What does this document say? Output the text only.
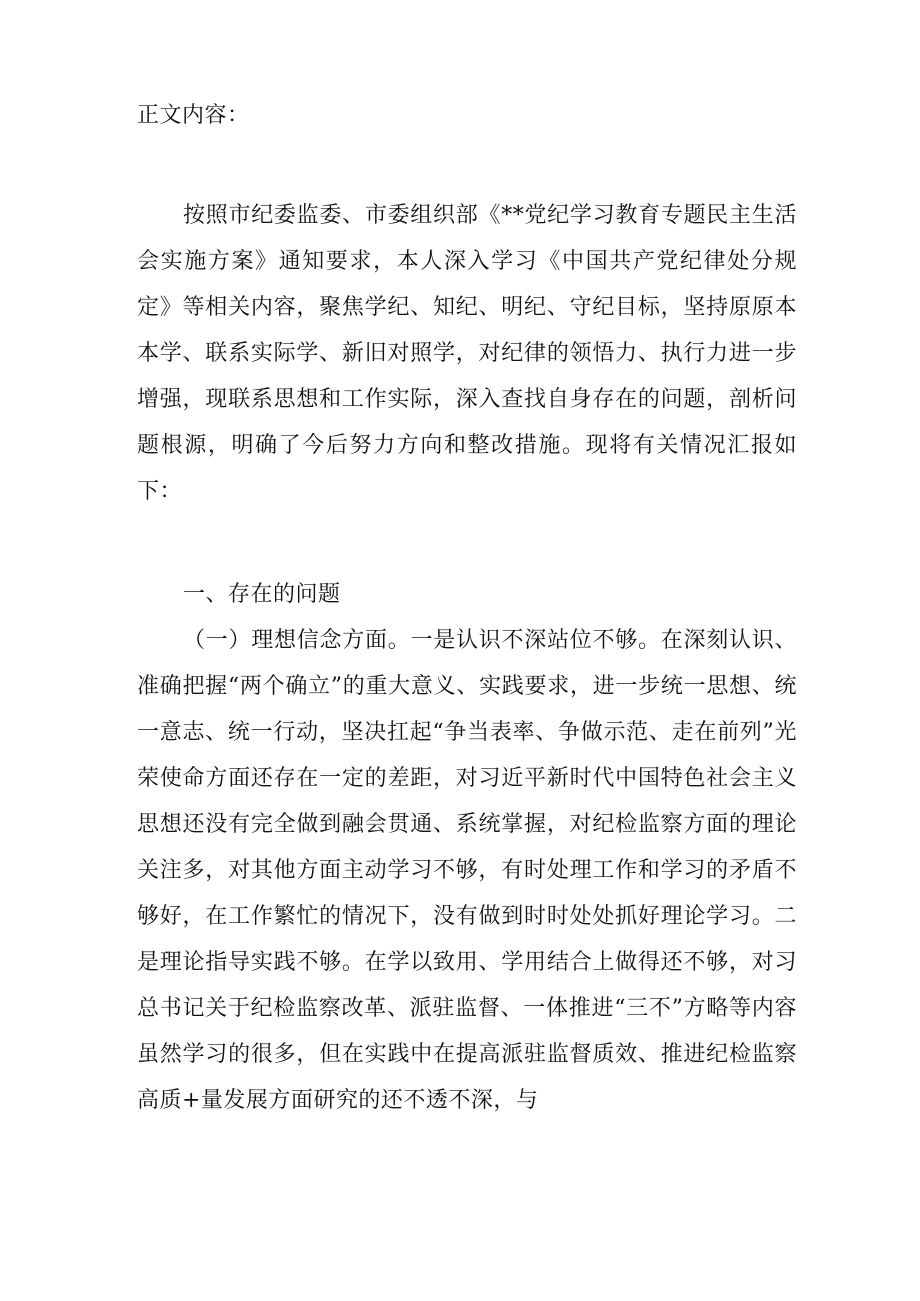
正文内容：

按照市纪委监委、市委组织部《**党纪学习教育专题民主生活会实施方案》通知要求，本人深入学习《中国共产党纪律处分规定》等相关内容，聚焦学纪、知纪、明纪、守纪目标，坚持原原本本学、联系实际学、新旧对照学，对纪律的领悟力、执行力进一步增强，现联系思想和工作实际，深入查找自身存在的问题，剖析问题根源，明确了今后努力方向和整改措施。现将有关情况汇报如下：

一、存在的问题

（一）理想信念方面。一是认识不深站位不够。在深刻认识、准确把握“两个确立”的重大意义、实践要求，进一步统一思想、统一意志、统一行动，坚决扛起“争当表率、争做示范、走在前列”光荣使命方面还存在一定的差距，对习近平新时代中国特色社会主义思想还没有完全做到融会贯通、系统掌握，对纪检监察方面的理论关注多，对其他方面主动学习不够，有时处理工作和学习的矛盾不够好，在工作繁忙的情况下，没有做到时时处处抓好理论学习。二是理论指导实践不够。在学以致用、学用结合上做得还不够，对习总书记关于纪检监察改革、派驻监督、一体推进“三不”方略等内容虽然学习的很多，但在实践中在提高派驻监督质效、推进纪检监察高质+量发展方面研究的还不透不深，与
